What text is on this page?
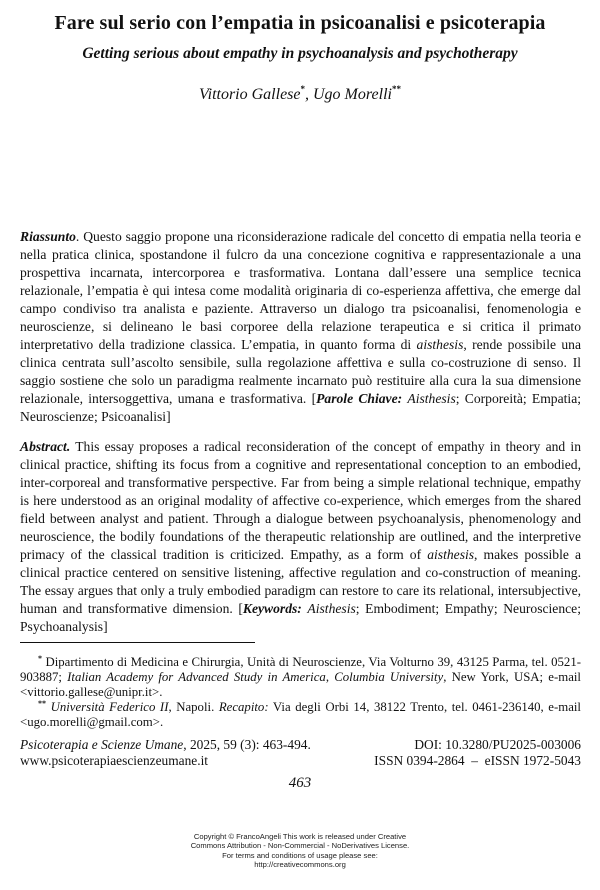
Fare sul serio con l’empatia in psicoanalisi e psicoterapia
Getting serious about empathy in psychoanalysis and psychotherapy
Vittorio Gallese*, Ugo Morelli**
Riassunto. Questo saggio propone una riconsiderazione radicale del concetto di empatia nella teoria e nella pratica clinica, spostandone il fulcro da una concezione cognitiva e rappresentazionale a una prospettiva incarnata, intercorporea e trasformativa. Lontana dall’essere una semplice tecnica relazionale, l’empatia è qui intesa come modalità originaria di co-esperienza affettiva, che emerge dal campo condiviso tra analista e paziente. Attraverso un dialogo tra psicoanalisi, fenomenologia e neuroscienze, si delineano le basi corporee della relazione terapeutica e si critica il primato interpretativo della tradizione classica. L’empatia, in quanto forma di aisthesis, rende possibile una clinica centrata sull’ascolto sensibile, sulla regolazione affettiva e sulla co-costruzione di senso. Il saggio sostiene che solo un paradigma realmente incarnato può restituire alla cura la sua dimensione relazionale, intersoggettiva, umana e trasformativa. [Parole Chiave: Aisthesis; Corporeità; Empatia; Neuroscienze; Psicoanalisi]
Abstract. This essay proposes a radical reconsideration of the concept of empathy in theory and in clinical practice, shifting its focus from a cognitive and representational conception to an embodied, inter-corporeal and transformative perspective. Far from being a simple relational technique, empathy is here understood as an original modality of affective co-experience, which emerges from the shared field between analyst and patient. Through a dialogue between psychoanalysis, phenomenology and neuroscience, the bodily foundations of the therapeutic relationship are outlined, and the interpretive primacy of the classical tradition is criticized. Empathy, as a form of aisthesis, makes possible a clinical practice centered on sensitive listening, affective regulation and co-construction of meaning. The essay argues that only a truly embodied paradigm can restore to care its relational, intersubjective, human and transformative dimension. [Keywords: Aisthesis; Embodiment; Empathy; Neuroscience; Psychoanalysis]
* Dipartimento di Medicina e Chirurgia, Unità di Neuroscienze, Via Volturno 39, 43125 Parma, tel. 0521-903887; Italian Academy for Advanced Study in America, Columbia University, New York, USA; e-mail <vittorio.gallese@unipr.it>.
** Università Federico II, Napoli. Recapito: Via degli Orbi 14, 38122 Trento, tel. 0461-236140, e-mail <ugo.morelli@gmail.com>.
Psicoterapia e Scienze Umane, 2025, 59 (3): 463-494.	DOI: 10.3280/PU2025-003006
www.psicoterapiaescienzeumane.it	ISSN 0394-2864  –  eISSN 1972-5043
463
Copyright © FrancoAngeli This work is released under Creative
Commons Attribution - Non-Commercial - NoDerivatives License.
For terms and conditions of usage please see:
http://creativecommons.org
